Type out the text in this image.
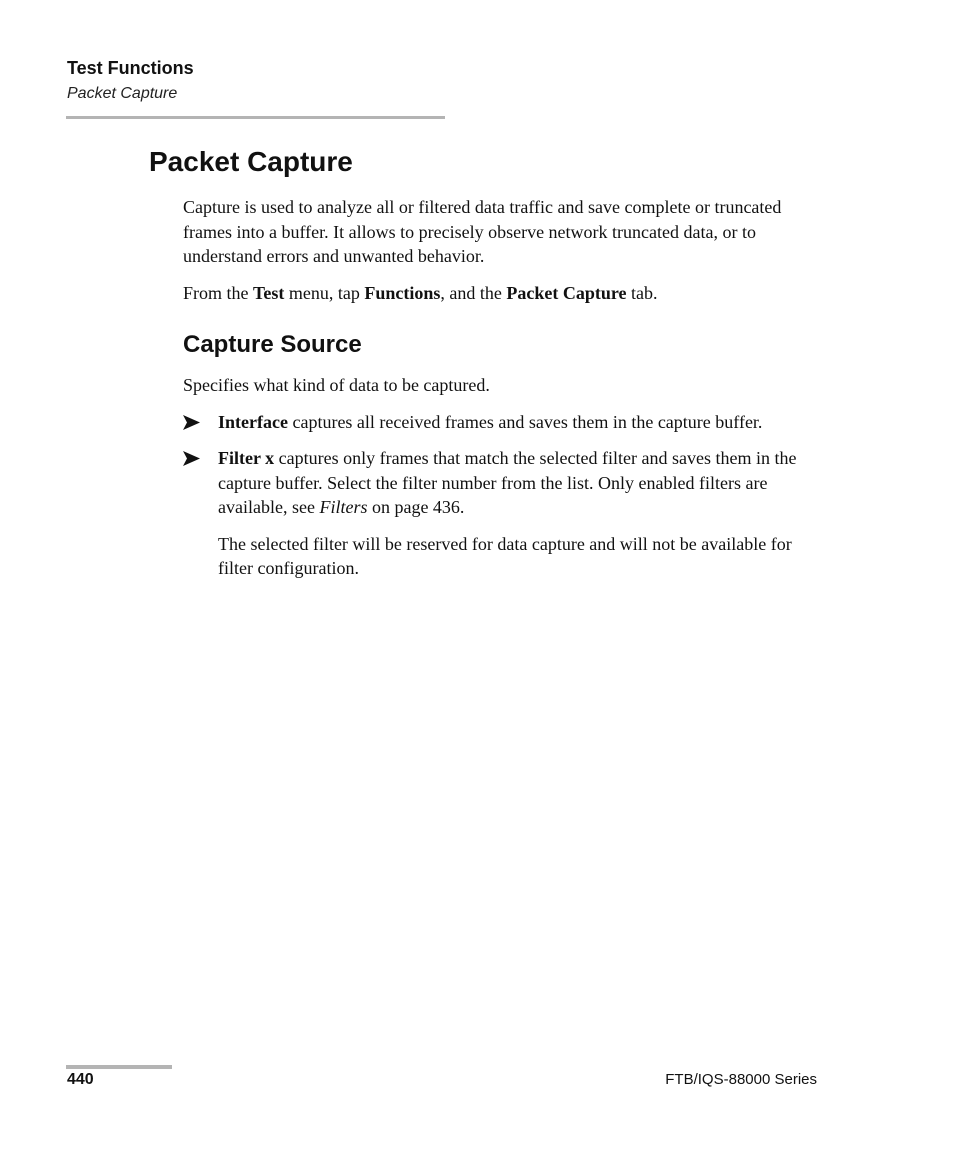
Test Functions
Packet Capture
Packet Capture

Capture is used to analyze all or filtered data traffic and save complete or truncated frames into a buffer. It allows to precisely observe network truncated data, or to understand errors and unwanted behavior.

From the Test menu, tap Functions, and the Packet Capture tab.

Capture Source

Specifies what kind of data to be captured.

Interface captures all received frames and saves them in the capture buffer.
Filter x captures only frames that match the selected filter and saves them in the capture buffer. Select the filter number from the list. Only enabled filters are available, see Filters on page 436.

The selected filter will be reserved for data capture and will not be available for filter configuration.

440	FTB/IQS-88000 Series
